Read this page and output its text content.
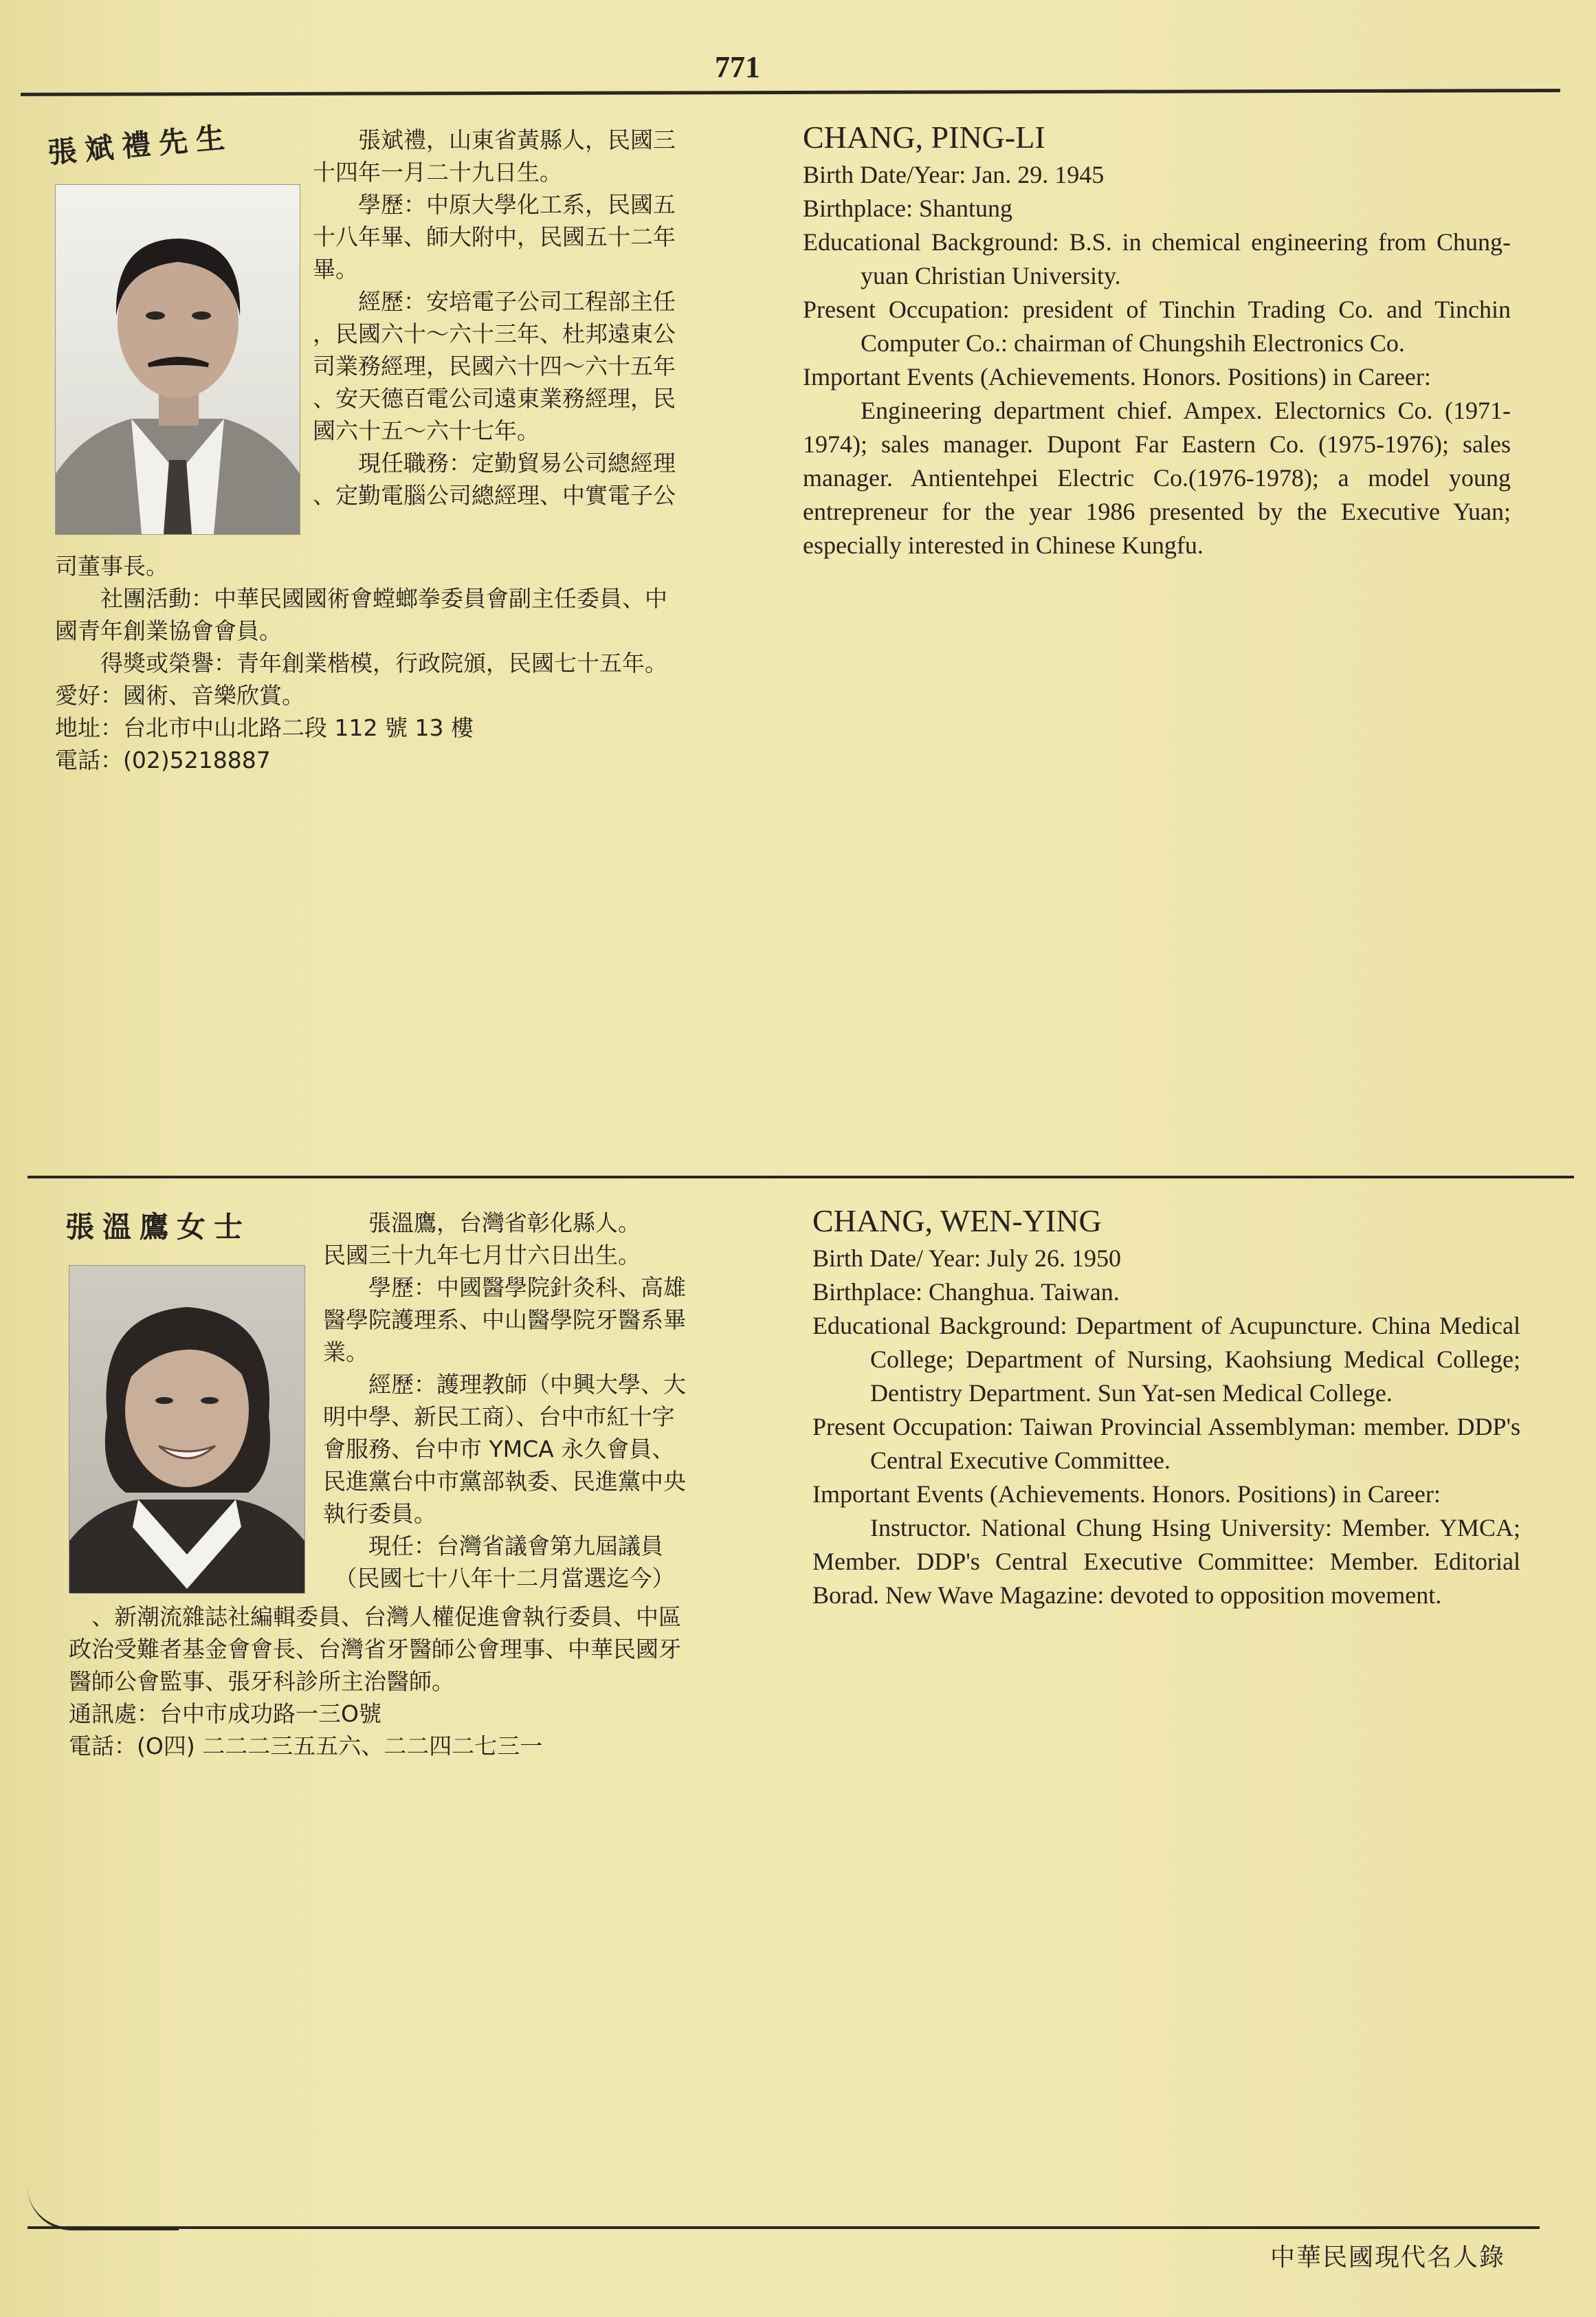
771
張斌禮先生	　　張斌禮，山東省黃縣人，民國三

十四年一月二十九日生。

　　學歷：中原大學化工系，民國五

十八年畢、師大附中，民國五十二年

畢。

　　經歷：安培電子公司工程部主任

，民國六十～六十三年、杜邦遠東公

司業務經理，民國六十四～六十五年

、安天德百電公司遠東業務經理，民

國六十五～六十七年。

　　現任職務：定勤貿易公司總經理

、定勤電腦公司總經理、中實電子公

司董事長。

　　社團活動：中華民國國術會螳螂拳委員會副主任委員、中

國青年創業協會會員。

　　得獎或榮譽：青年創業楷模，行政院頒，民國七十五年。

愛好：國術、音樂欣賞。

地址：台北市中山北路二段 112 號 13 樓

電話：(02)5218887

CHANG, PING-LI

Birth Date/Year: Jan. 29. 1945

Birthplace: Shantung

Educational Background: B.S. in chemical engineering from Chung-yuan Christian University.

Present Occupation: president of Tinchin Trading Co. and Tinchin Computer Co.: chairman of Chungshih Electronics Co.

Important Events (Achievements. Honors. Positions) in Career:

Engineering department chief. Ampex. Electornics Co. (1971-1974); sales manager. Dupont Far Eastern Co. (1975-1976); sales manager. Antientehpei Electric Co.(1976-1978); a model young entrepreneur for the year 1986 presented by the Executive Yuan; especially interested in Chinese Kungfu.

張溫鷹女士	　　張溫鷹，台灣省彰化縣人。

民國三十九年七月廿六日出生。

　　學歷：中國醫學院針灸科、高雄

醫學院護理系、中山醫學院牙醫系畢

業。

　　經歷：護理教師（中興大學、大

明中學、新民工商）、台中市紅十字

會服務、台中市 YMCA 永久會員、

民進黨台中市黨部執委、民進黨中央

執行委員。

　　現任：台灣省議會第九屆議員

　（民國七十八年十二月當選迄今）

　、新潮流雜誌社編輯委員、台灣人權促進會執行委員、中區

政治受難者基金會會長、台灣省牙醫師公會理事、中華民國牙

醫師公會監事、張牙科診所主治醫師。

通訊處：台中市成功路一三O號

電話：(O四) 二二二三五五六、二二四二七三一

CHANG, WEN-YING

Birth Date/ Year: July 26. 1950

Birthplace: Changhua. Taiwan.

Educational Background: Department of Acupuncture. China Medical College; Department of Nursing, Kaohsiung Medical College; Dentistry Department. Sun Yat-sen Medical College.

Present Occupation: Taiwan Provincial Assemblyman: member. DDP's Central Executive Committee.

Important Events (Achievements. Honors. Positions) in Career:

Instructor. National Chung Hsing University: Member. YMCA; Member. DDP's Central Executive Committee: Member. Editorial Borad. New Wave Magazine: devoted to opposition movement.

中華民國現代名人錄
